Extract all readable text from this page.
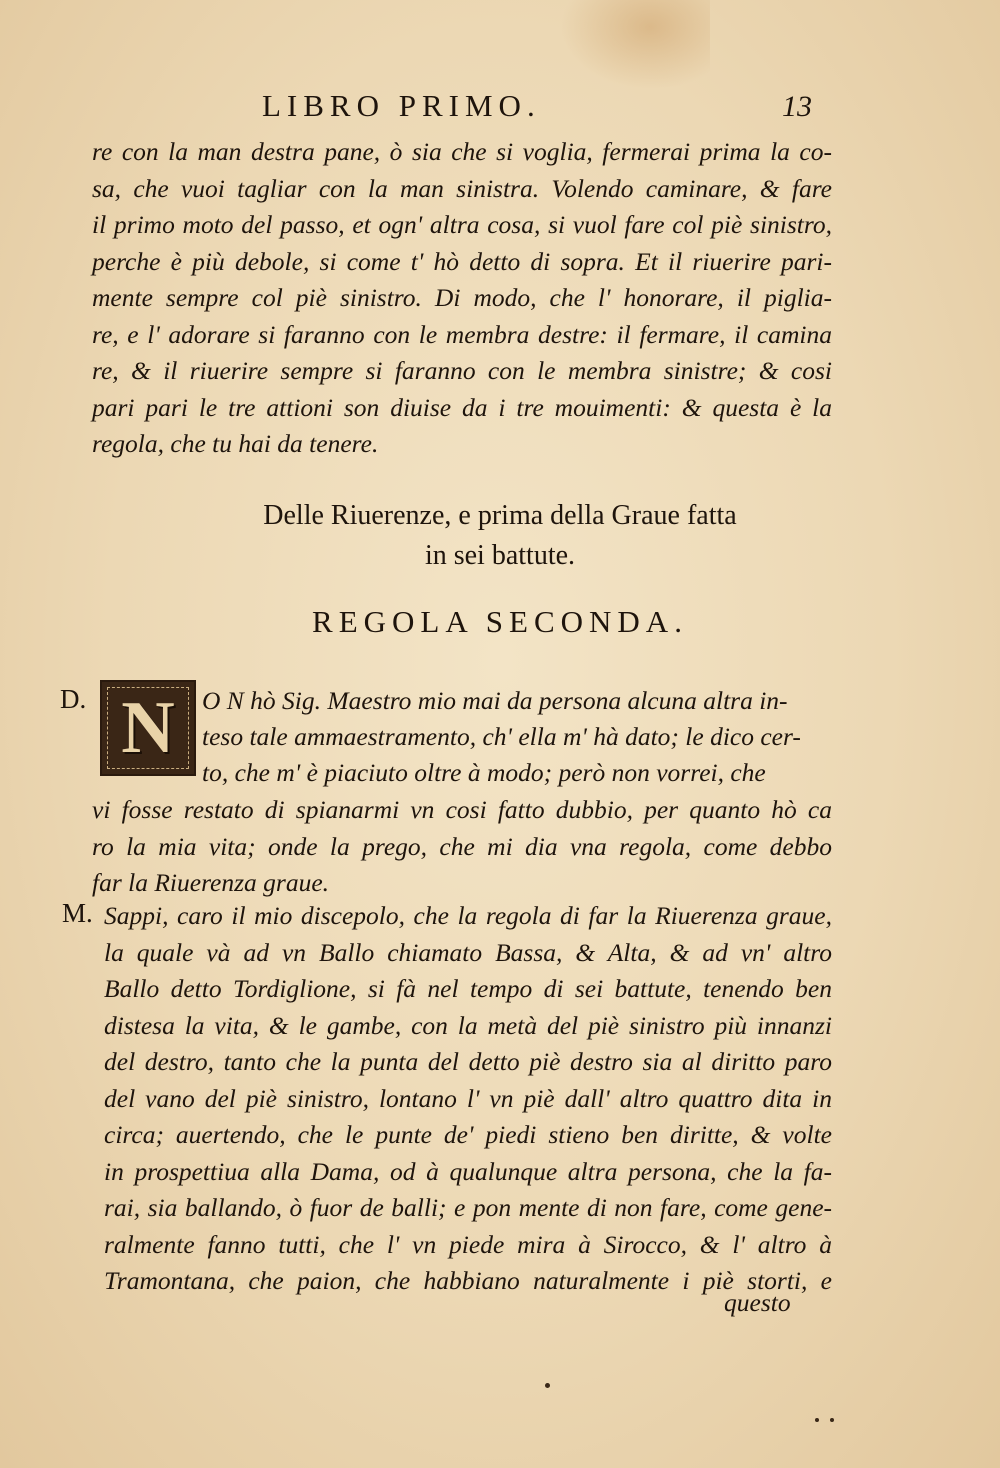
LIBRO PRIMO.	13
re con la man destra pane, ò sia che si voglia, fermerai prima la co-
sa, che vuoi tagliar con la man sinistra. Volendo caminare, & fare
il primo moto del passo, et ogn' altra cosa, si vuol fare col piè sinistro,
perche è più debole, si come t' hò detto di sopra. Et il riuerire pari-
mente sempre col piè sinistro. Di modo, che l' honorare, il piglia-
re, e l' adorare si faranno con le membra destre: il fermare, il camina
re, & il riuerire sempre si faranno con le membra sinistre; & cosi
pari pari le tre attioni son diuise da i tre mouimenti: & questa è la
regola, che tu hai da tenere.
Delle Riuerenze, e prima della Graue fatta
in sei battute.
REGOLA SECONDA.
D. N O N hò Sig. Maestro mio mai da persona alcuna altra in-
teso tale ammaestramento, ch' ella m' hà dato; le dico cer-
to, che m' è piaciuto oltre à modo; però non vorrei, che
vi fosse restato di spianarmi vn cosi fatto dubbio, per quanto hò ca
ro la mia vita; onde la prego, che mi dia vna regola, come debbo
far la Riuerenza graue.
M. Sappi, caro il mio discepolo, che la regola di far la Riuerenza graue,
la quale và ad vn Ballo chiamato Bassa, & Alta, & ad vn' altro
Ballo detto Tordiglione, si fà nel tempo di sei battute, tenendo ben
distesa la vita, & le gambe, con la metà del piè sinistro più innanzi
del destro, tanto che la punta del detto piè destro sia al diritto paro
del vano del piè sinistro, lontano l' vn piè dall' altro quattro dita in
circa; auertendo, che le punte de' piedi stieno ben diritte, & volte
in prospettiua alla Dama, od à qualunque altra persona, che la fa-
rai, sia ballando, ò fuor de balli; e pon mente di non fare, come gene-
ralmente fanno tutti, che l' vn piede mira à Sirocco, & l' altro à
Tramontana, che paion, che habbiano naturalmente i piè storti, e
questo
